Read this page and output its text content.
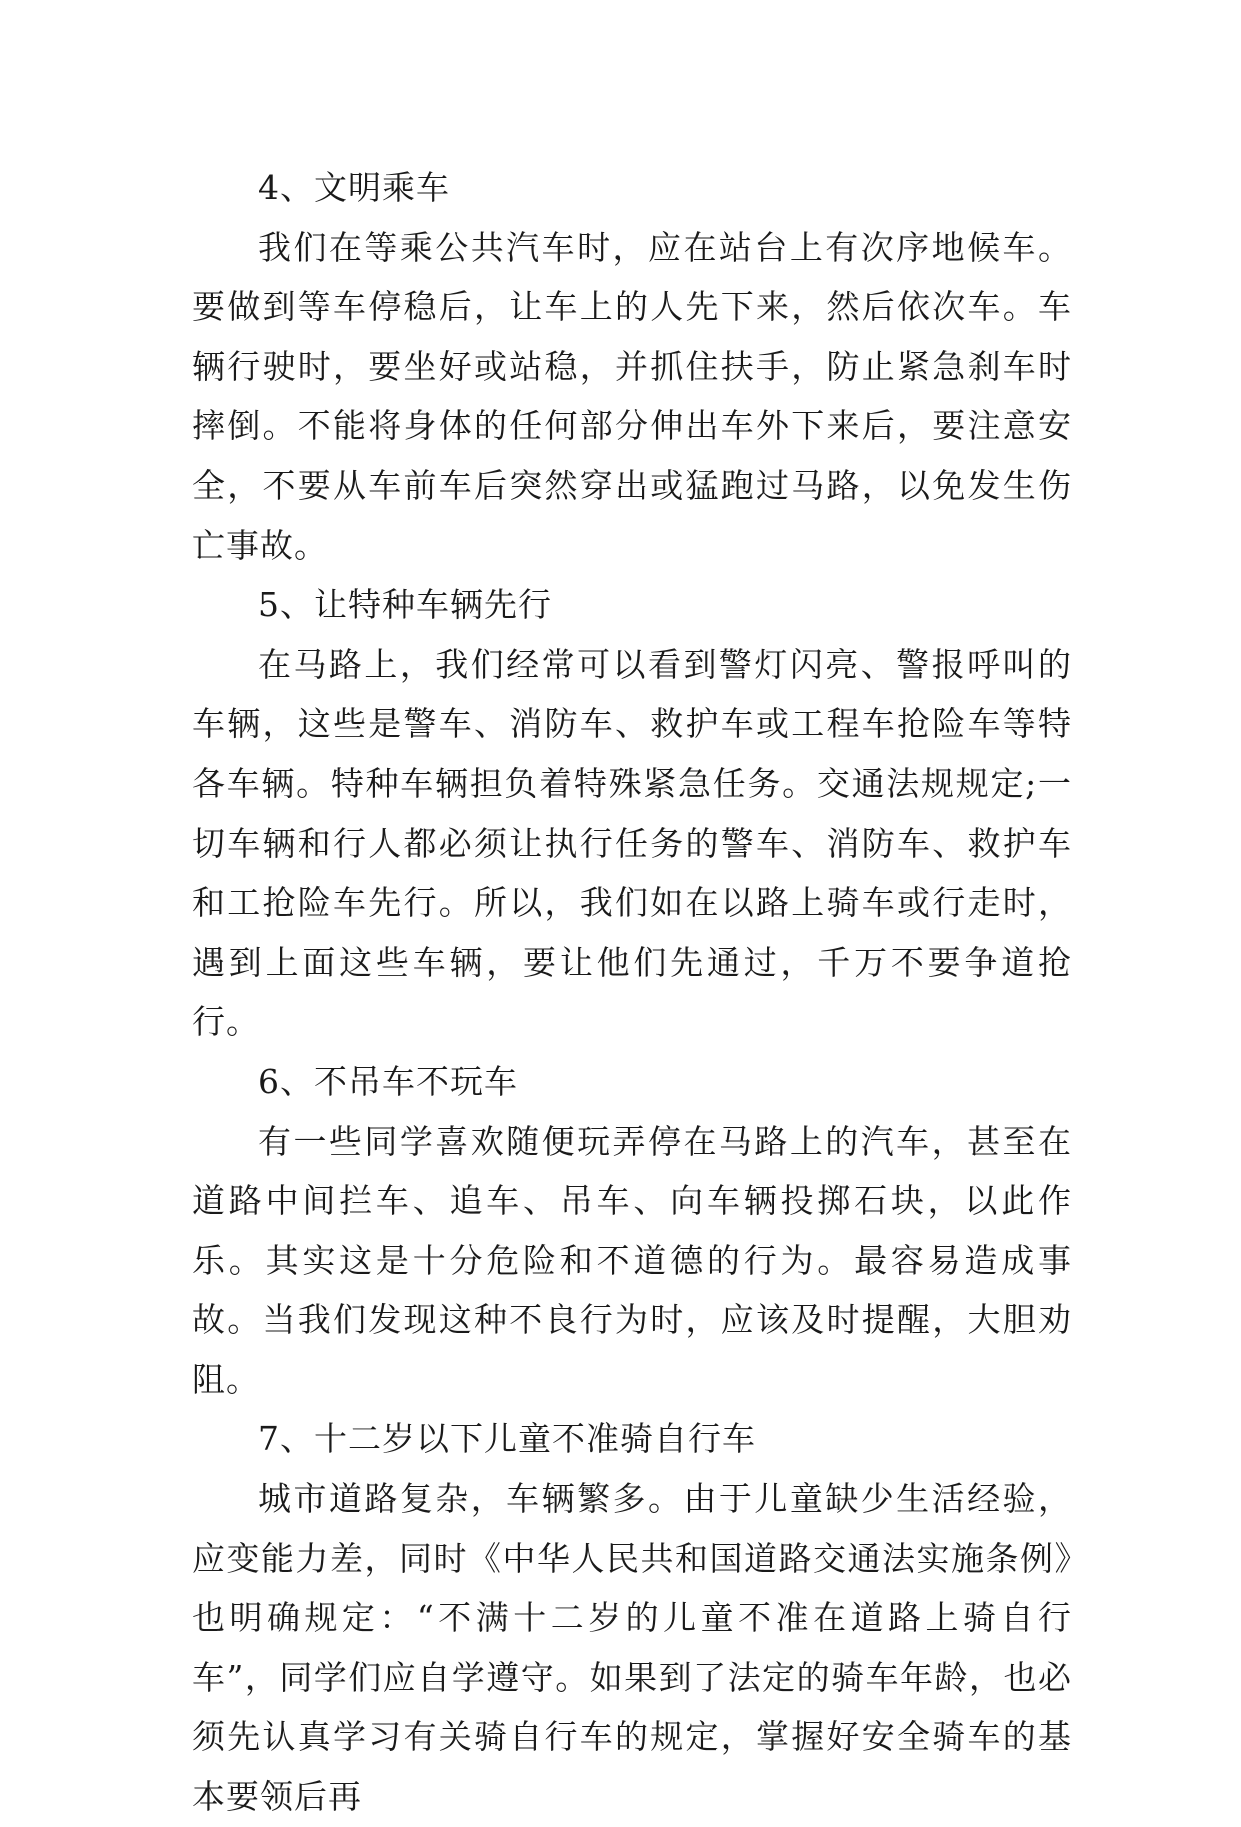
4、文明乘车

我们在等乘公共汽车时，应在站台上有次序地候车。要做到等车停稳后，让车上的人先下来，然后依次车。车辆行驶时，要坐好或站稳，并抓住扶手，防止紧急刹车时摔倒。不能将身体的任何部分伸出车外下来后，要注意安全，不要从车前车后突然穿出或猛跑过马路，以免发生伤亡事故。

5、让特种车辆先行

在马路上，我们经常可以看到警灯闪亮、警报呼叫的车辆，这些是警车、消防车、救护车或工程车抢险车等特各车辆。特种车辆担负着特殊紧急任务。交通法规规定;一切车辆和行人都必须让执行任务的警车、消防车、救护车和工抢险车先行。所以，我们如在以路上骑车或行走时，遇到上面这些车辆，要让他们先通过，千万不要争道抢行。

6、不吊车不玩车

有一些同学喜欢随便玩弄停在马路上的汽车，甚至在道路中间拦车、追车、吊车、向车辆投掷石块，以此作乐。其实这是十分危险和不道德的行为。最容易造成事故。当我们发现这种不良行为时，应该及时提醒，大胆劝阻。

7、十二岁以下儿童不准骑自行车

城市道路复杂，车辆繁多。由于儿童缺少生活经验，应变能力差，同时《中华人民共和国道路交通法实施条例》也明确规定：“不满十二岁的儿童不准在道路上骑自行车”，同学们应自学遵守。如果到了法定的骑车年龄，也必须先认真学习有关骑自行车的规定，掌握好安全骑车的基本要领后再
